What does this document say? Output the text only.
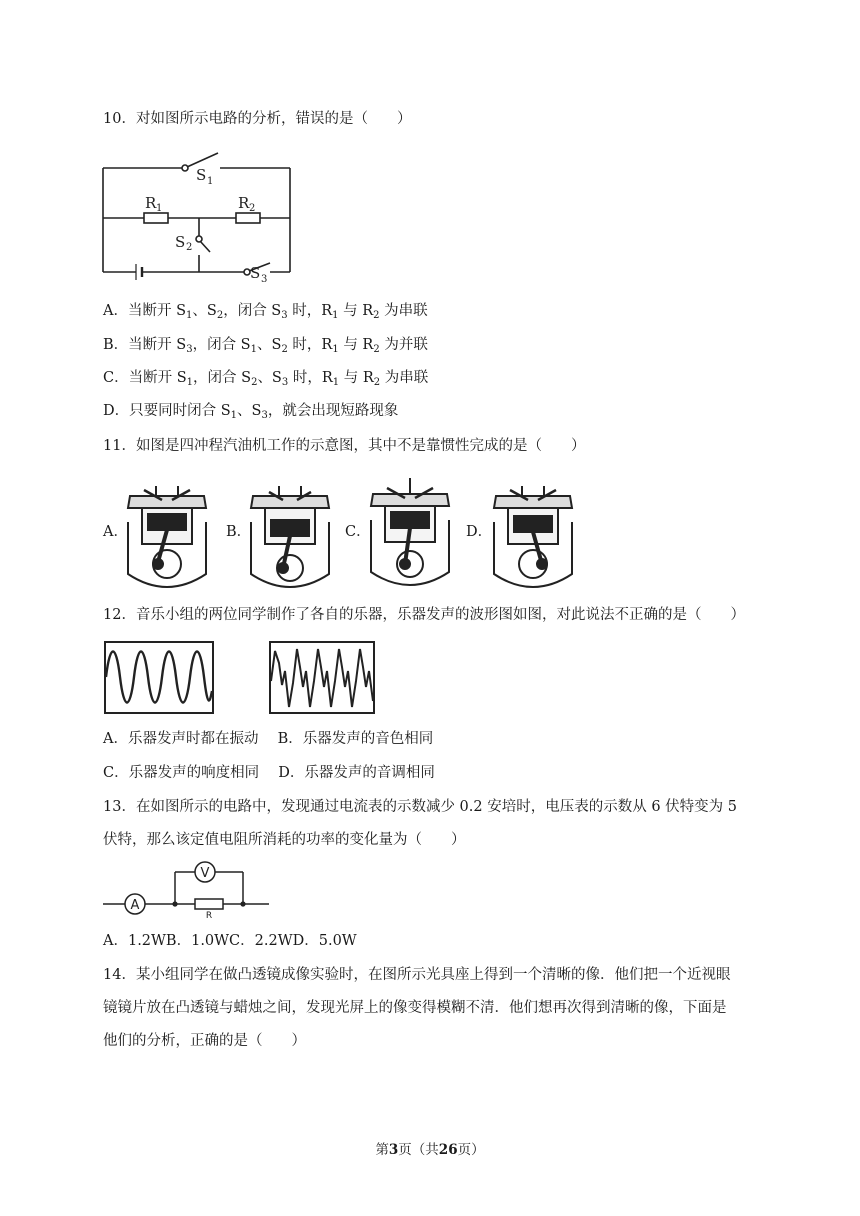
10．对如图所示电路的分析，错误的是（　　）
S 1
R 1	R 2
S 2
S 3
A．当断开 $S_1$、$S_2$，闭合 $S_3$ 时，$R_1$ 与 $R_2$ 为串联
B．当断开 $S_3$，闭合 $S_1$、$S_2$ 时，$R_1$ 与 $R_2$ 为并联
C．当断开 $S_1$，闭合 $S_2$、$S_3$ 时，$R_1$ 与 $R_2$ 为串联
D．只要同时闭合 $S_1$、$S_3$，就会出现短路现象
11．如图是四冲程汽油机工作的示意图，其中不是靠惯性完成的是（　　）
A．	B．	C．	D．
12．音乐小组的两位同学制作了各自的乐器，乐器发声的波形图如图，对此说法不正确的是（　　）
A．乐器发声时都在振动　 B．乐器发声的音色相同
C．乐器发声的响度相同　 D．乐器发声的音调相同
13．在如图所示的电路中，发现通过电流表的示数减少 0.2 安培时，电压表的示数从 6 伏特变为 5
伏特，那么该定值电阻所消耗的功率的变化量为（　　）
A
V
R
A．1.2WB．1.0WC．2.2WD．5.0W
14．某小组同学在做凸透镜成像实验时，在图所示光具座上得到一个清晰的像．他们把一个近视眼
镜镜片放在凸透镜与蜡烛之间，发现光屏上的像变得模糊不清．他们想再次得到清晰的像，下面是
他们的分析，正确的是（　　）
第3页（共26页）
